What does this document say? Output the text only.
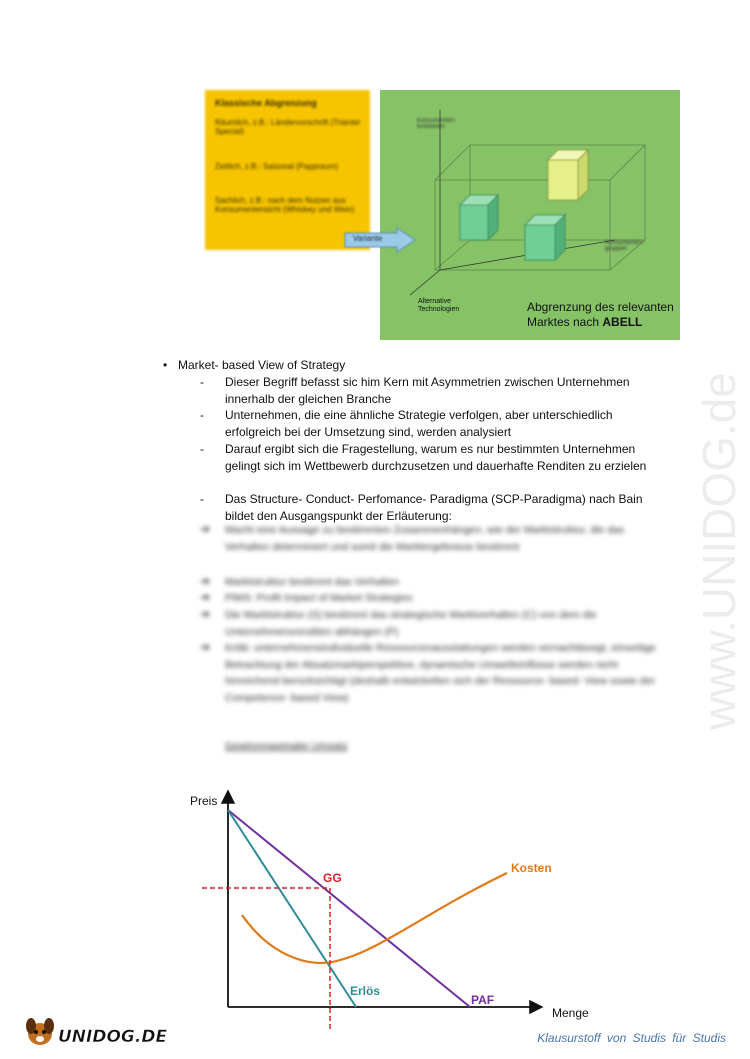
Klassische Abgrenzung
Räumlich, z.B.: Ländervorschrift (Triantel Special)
Zeitlich, z.B.: Saisonal (Pappraum)
Sachlich, z.B.: nach dem Nutzen aus Konsumentensicht (Whiskey und Wein)
Konsumenten-funktionen
Konsumenten-gruppen
Alternative Technologien
Variante
Abgrenzung des relevanten
Marktes nach ABELL
• Market- based View of Strategy
- Dieser Begriff befasst sic him Kern mit Asymmetrien zwischen Unternehmen innerhalb der gleichen Branche
- Unternehmen, die eine ähnliche Strategie verfolgen, aber unterschiedlich erfolgreich bei der Umsetzung sind, werden analysiert
- Darauf ergibt sich die Fragestellung, warum es nur bestimmten Unternehmen gelingt sich im Wettbewerb durchzusetzen und dauerhafte Renditen zu erzielen
- Das Structure- Conduct- Perfomance- Paradigma (SCP-Paradigma) nach Bain bildet den Ausgangspunkt der Erläuterung:
➔ Macht eine Aussage zu bestimmten Zusammenhängen, wie der Marktstruktur, die das Verhalten determiniert und somit die Marktergebnisse bestimmt
➔ Marktstruktur bestimmt das Verhalten
➔ PIMS: Profit Impact of Market Strategies
➔ Die Marktstruktur (S) bestimmt das strategische Marktverhalten (C) von dem die Unternehmensrenditen abhängen (P)
➔ Kritik: unternehmensindividuelle Ressourcenausstattungen werden vernachlässigt, einseitige Betrachtung der Absatzmarktperspektive, dynamische Umwelteinflüsse werden nicht hinreichend berücksichtigt (deshalb entwickelten sich der Ressource- based- View sowie der Competence- based View)
Gewinnmaximaler Umsatz
www.UNIDOG.de
Preis
Menge
PAF
Erlös
Kosten
GG
UNIDOG.DE	Klausurstoff von Studis für Studis
